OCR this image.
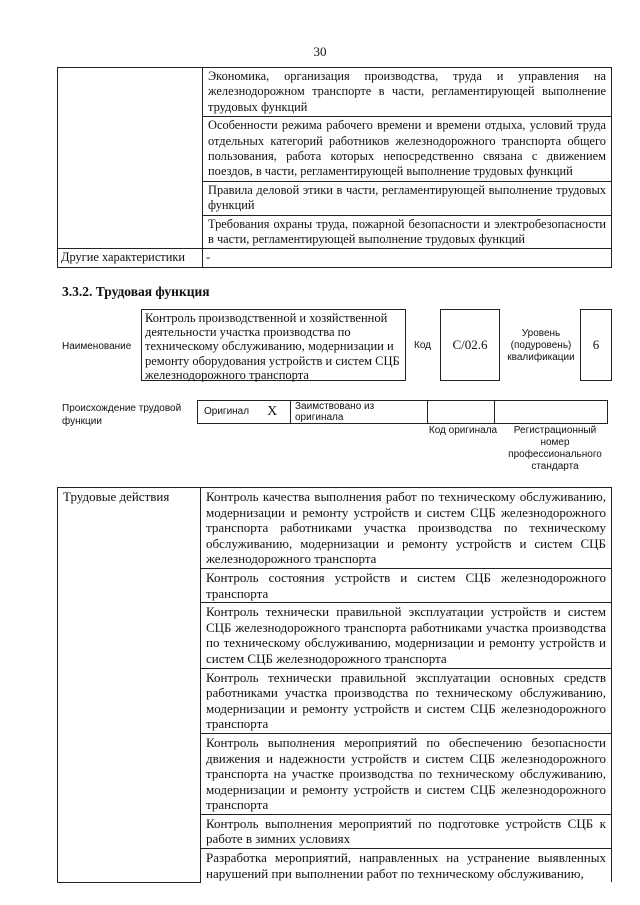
30
	Экономика, организация производства, труда и управления на железнодорожном транспорте в части, регламентирующей выполнение трудовых функций
	Особенности режима рабочего времени и времени отдыха, условий труда отдельных категорий работников железнодорожного транспорта общего пользования, работа которых непосредственно связана с движением поездов, в части, регламентирующей выполнение трудовых функций
	Правила деловой этики в части, регламентирующей выполнение трудовых функций
	Требования охраны труда, пожарной безопасности и электробезопасности в части, регламентирующей выполнение трудовых функций
Другие характеристики	-
3.3.2. Трудовая функция
Наименование
Контроль производственной и хозяйственной деятельности участка производства по техническому обслуживанию, модернизации и ремонту оборудования устройств и систем СЦБ железнодорожного транспорта
Код	C/02.6
Уровень (подуровень) квалификации
6
Происхождение трудовой функции
Оригинал X Заимствовано из оригинала
Код оригинала	Регистрационный номер профессионального стандарта
Трудовые действия	Контроль качества выполнения работ по техническому обслуживанию, модернизации и ремонту устройств и систем СЦБ железнодорожного транспорта работниками участка производства по техническому обслуживанию, модернизации и ремонту устройств и систем СЦБ железнодорожного транспорта
Контроль состояния устройств и систем СЦБ железнодорожного транспорта
Контроль технически правильной эксплуатации устройств и систем СЦБ железнодорожного транспорта работниками участка производства по техническому обслуживанию, модернизации и ремонту устройств и систем СЦБ железнодорожного транспорта
Контроль технически правильной эксплуатации основных средств работниками участка производства по техническому обслуживанию, модернизации и ремонту устройств и систем СЦБ железнодорожного транспорта
Контроль выполнения мероприятий по обеспечению безопасности движения и надежности устройств и систем СЦБ железнодорожного транспорта на участке производства по техническому обслуживанию, модернизации и ремонту устройств и систем СЦБ железнодорожного транспорта
Контроль выполнения мероприятий по подготовке устройств СЦБ к работе в зимних условиях
Разработка мероприятий, направленных на устранение выявленных нарушений при выполнении работ по техническому обслуживанию,
